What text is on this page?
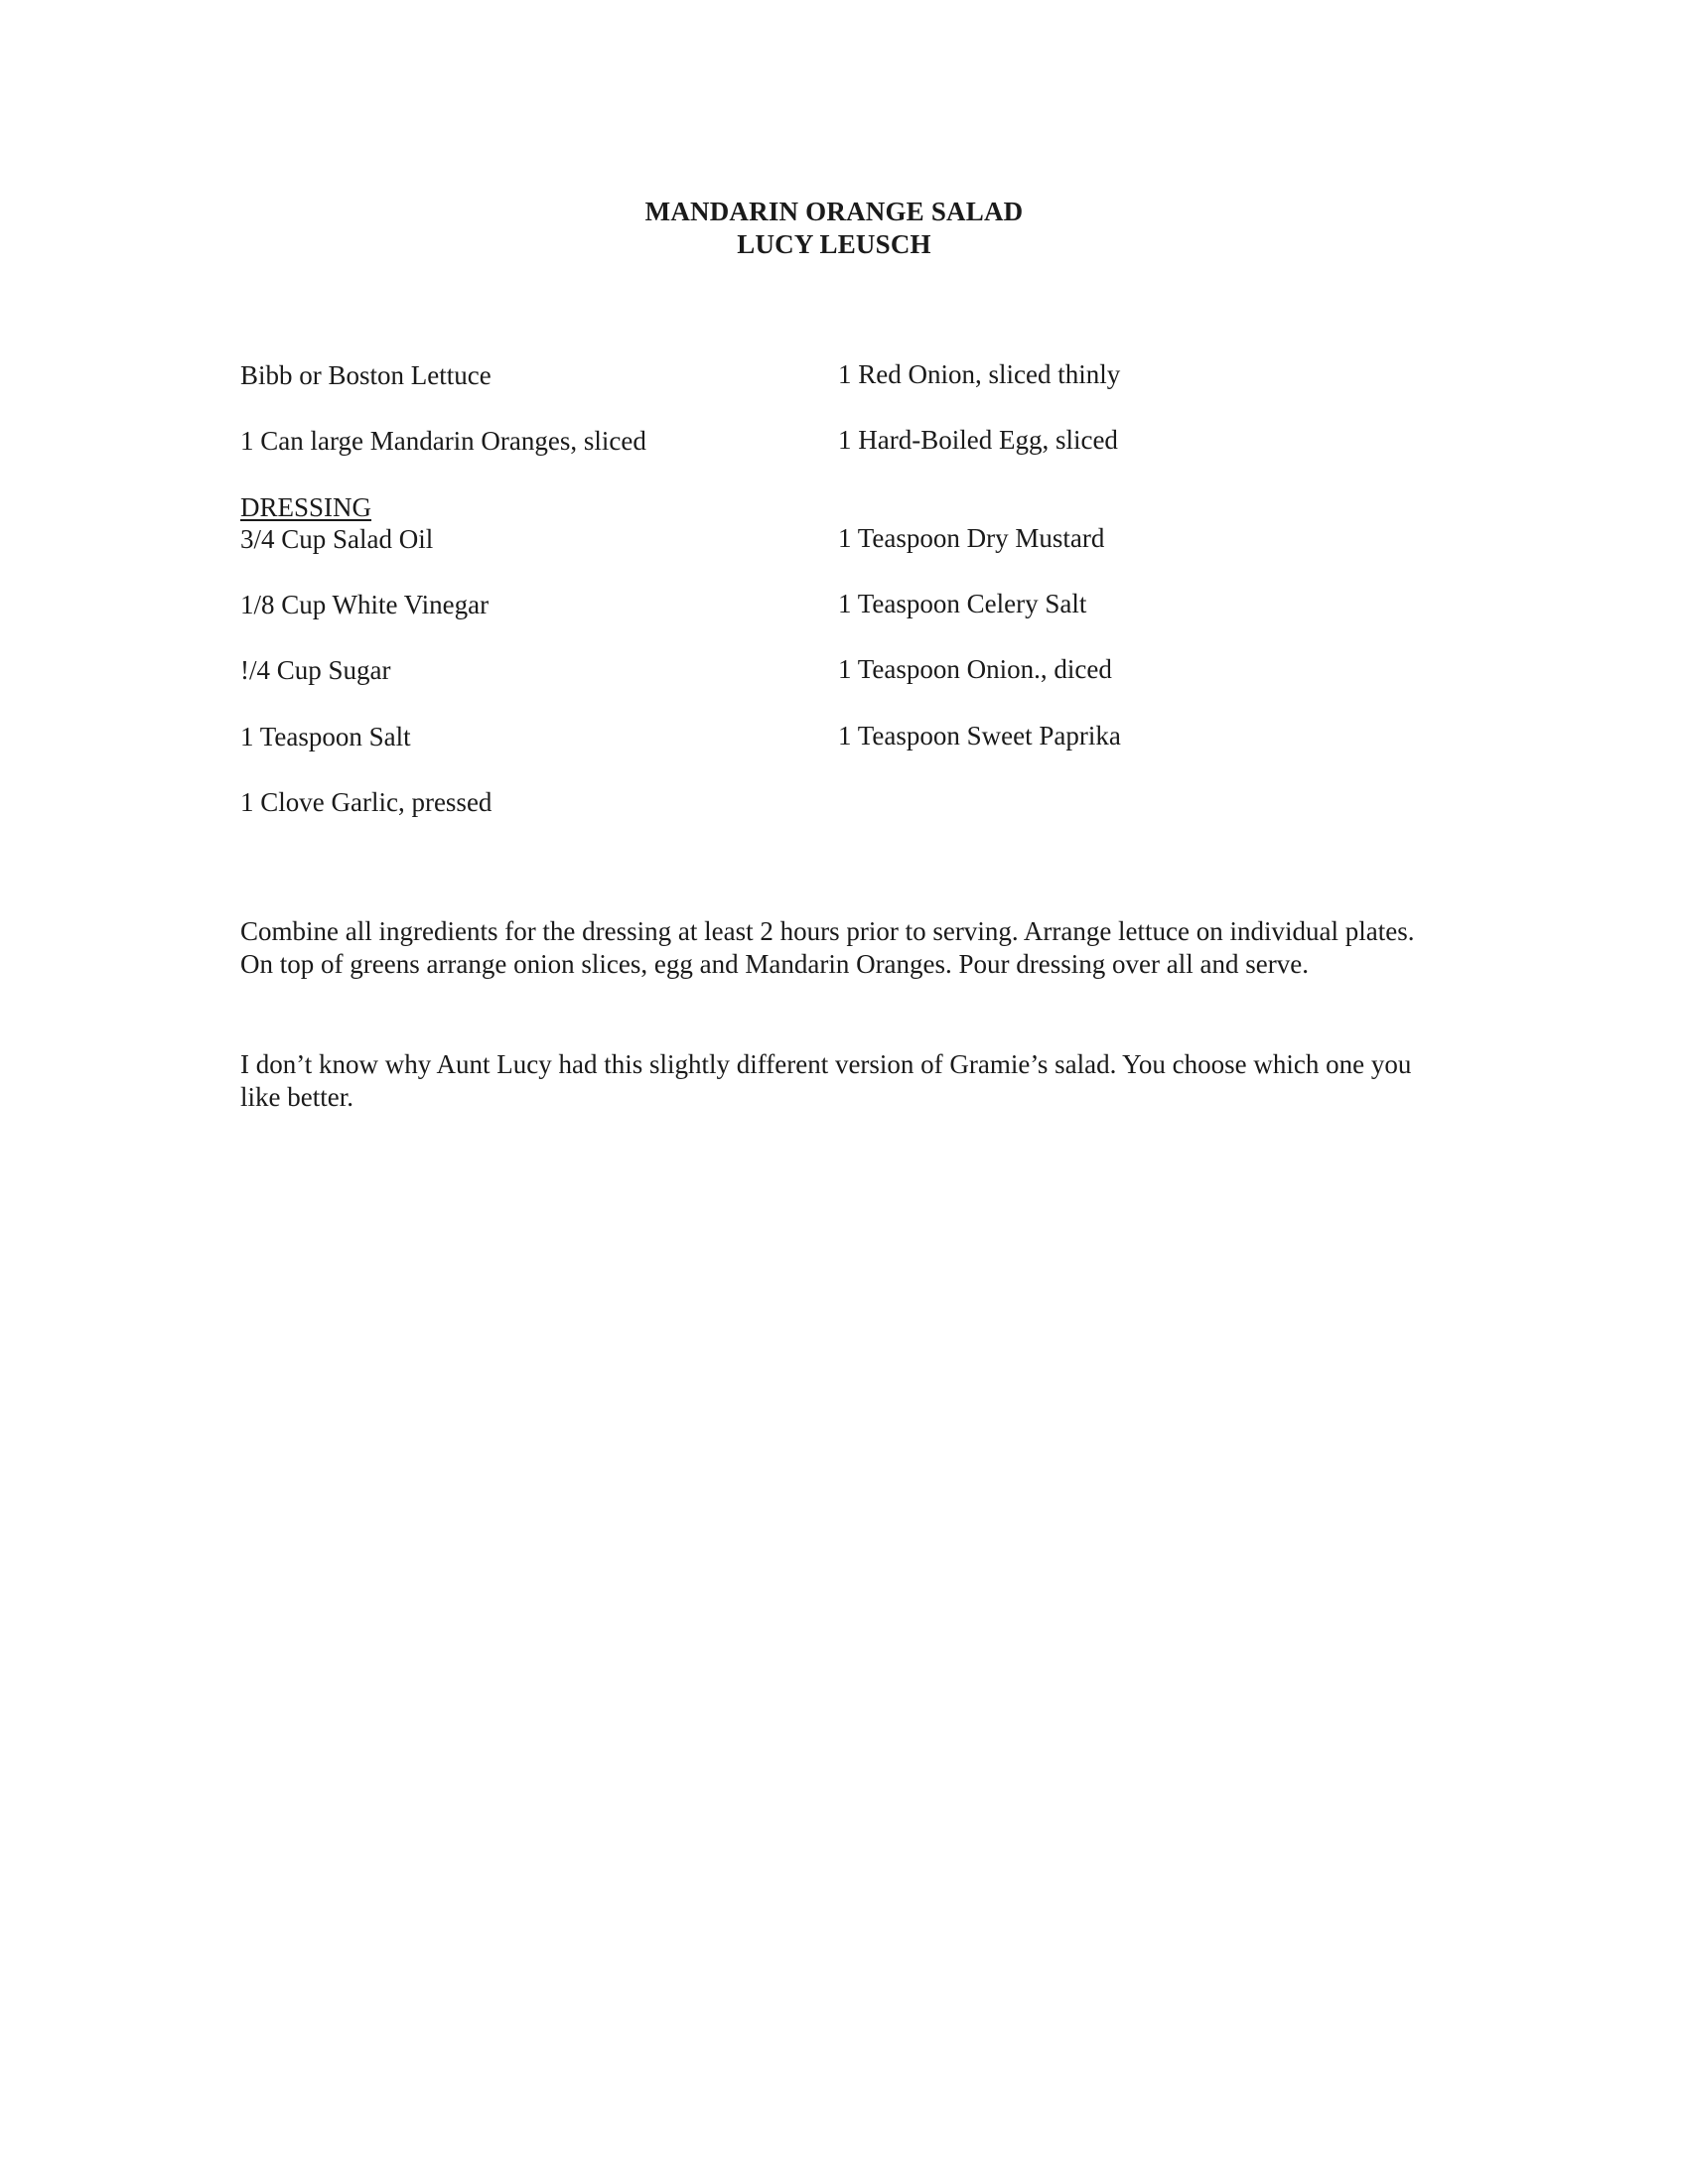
MANDARIN ORANGE SALAD
LUCY LEUSCH
Bibb or Boston Lettuce
1 Can large Mandarin Oranges, sliced
1 Red Onion, sliced thinly
1 Hard-Boiled Egg, sliced
DRESSING
3/4 Cup Salad Oil
1/8 Cup White Vinegar
!/4 Cup Sugar
1 Teaspoon Salt
1 Clove Garlic, pressed
1 Teaspoon Dry Mustard
1 Teaspoon Celery Salt
1 Teaspoon Onion., diced
1 Teaspoon Sweet Paprika
Combine all ingredients for the dressing at least 2 hours prior to serving. Arrange lettuce on individual plates. On top of greens arrange onion slices, egg and Mandarin Oranges. Pour dressing over all and serve.
I don’t know why Aunt Lucy had this slightly different version of Gramie’s salad. You choose which one you like better.
